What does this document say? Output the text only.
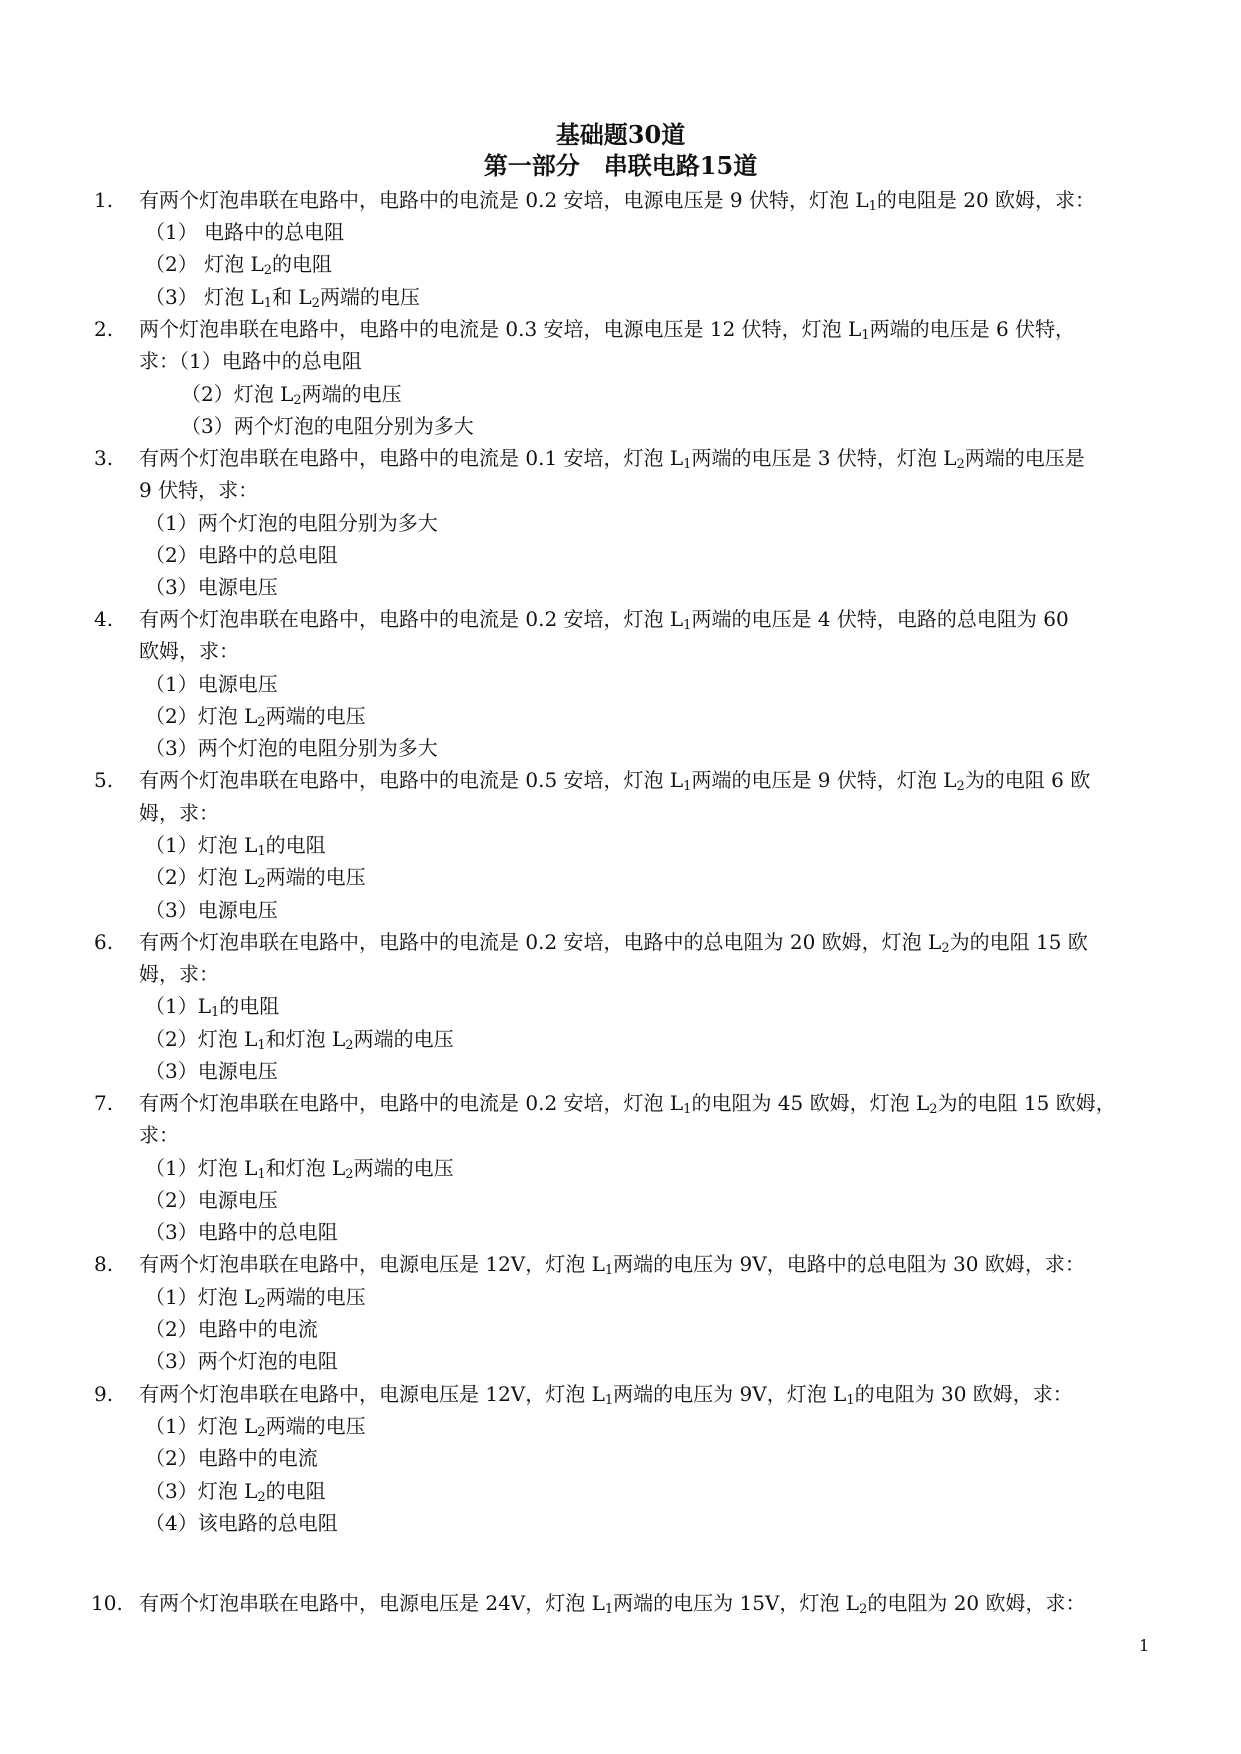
基础题30道
第一部分　串联电路15道
1. 有两个灯泡串联在电路中，电路中的电流是 0.2 安培，电源电压是 9 伏特，灯泡 $L_1$的电阻是 20 欧姆，求：
（1） 电路中的总电阻
（2） 灯泡 $L_2$的电阻
（3） 灯泡 $L_1$和 $L_2$两端的电压
2. 两个灯泡串联在电路中，电路中的电流是 0.3 安培，电源电压是 12 伏特，灯泡 $L_1$两端的电压是 6 伏特，
求：（1）电路中的总电阻
（2）灯泡 $L_2$两端的电压
（3）两个灯泡的电阻分别为多大
3. 有两个灯泡串联在电路中，电路中的电流是 0.1 安培，灯泡 $L_1$两端的电压是 3 伏特，灯泡 $L_2$两端的电压是
9 伏特，求：
（1）两个灯泡的电阻分别为多大
（2）电路中的总电阻
（3）电源电压
4. 有两个灯泡串联在电路中，电路中的电流是 0.2 安培，灯泡 $L_1$两端的电压是 4 伏特，电路的总电阻为 60
欧姆，求：
（1）电源电压
（2）灯泡 $L_2$两端的电压
（3）两个灯泡的电阻分别为多大
5. 有两个灯泡串联在电路中，电路中的电流是 0.5 安培，灯泡 $L_1$两端的电压是 9 伏特，灯泡 $L_2$为的电阻 6 欧
姆，求：
（1）灯泡 $L_1$的电阻
（2）灯泡 $L_2$两端的电压
（3）电源电压
6. 有两个灯泡串联在电路中，电路中的电流是 0.2 安培，电路中的总电阻为 20 欧姆，灯泡 $L_2$为的电阻 15 欧
姆，求：
$(1)L_1$的电阻
（2）灯泡 $L_1$和灯泡 $L_2$两端的电压
（3）电源电压
7. 有两个灯泡串联在电路中，电路中的电流是 0.2 安培，灯泡 $L_1$的电阻为 45 欧姆，灯泡 $L_2$为的电阻 15 欧姆，
求：
（1）灯泡 $L_1$和灯泡 $L_2$两端的电压
（2）电源电压
（3）电路中的总电阻
8. 有两个灯泡串联在电路中，电源电压是 12V，灯泡 $L_1$两端的电压为 9V，电路中的总电阻为 30 欧姆，求：
（1）灯泡 $L_2$两端的电压
（2）电路中的电流
（3）两个灯泡的电阻
9. 有两个灯泡串联在电路中，电源电压是 12V，灯泡 $L_1$两端的电压为 9V，灯泡 $L_1$的电阻为 30 欧姆，求：
（1）灯泡 $L_2$两端的电压
（2）电路中的电流
（3）灯泡 $L_2$的电阻
（4）该电路的总电阻
10. 有两个灯泡串联在电路中，电源电压是 24V，灯泡 $L_1$两端的电压为 15V，灯泡 $L_2$的电阻为 20 欧姆，求：
1
